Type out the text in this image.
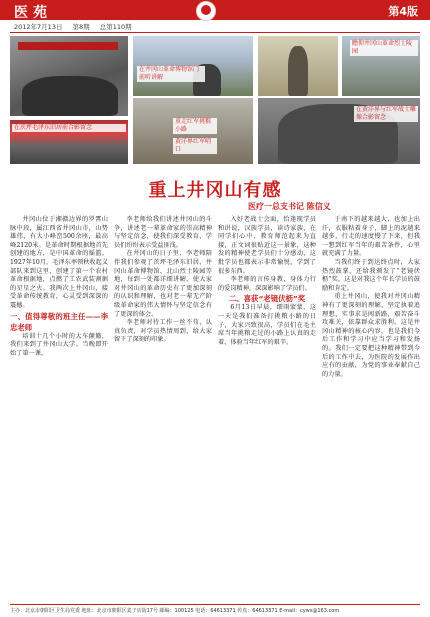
医苑	第4版
2012年7月13日 第8期 总第110期
在井冈山革命博物馆门前听讲解
瞻仰井冈山革命烈士陵园
在茨坪毛泽东旧居前合影留念
重走红军挑粮小路
黄洋界红军哨口
在黄洋界与红军战士雕像合影留念
重上井冈山有感
医疗一总支书记 陈信义

井冈山位于湘赣边界的罗霄山脉中段，属江西省井冈山市，山势雄伟，有大小峰峦500余座，最高峰2120米。是革命时期根据地首先创建的地方，是中国革命的摇篮。1927年10月，毛泽东率领秋收起义部队来到这里，创建了第一个农村革命根据地，点燃了工农武装割据的星星之火。我两次上井冈山，接受革命传统教育，心灵受到深深的震撼。

一、值得尊敬的班主任——李忠老师

培训十几个小时的大车颠簸，我们来到了井冈山大学。当晚即开始了第一课。

李老师给我们讲述井冈山的斗争，讲述老一辈革命家的崇高精神与坚定信念，使我们深受教育，学员们纷纷表示受益匪浅。

在井冈山的日子里，李老师陪伴我们参观了茨坪毛泽东旧居、井冈山革命博物馆、北山烈士陵园等地，每到一处都详细讲解，使大家对井冈山的革命历史有了更加深刻的认识和理解，也对老一辈无产阶级革命家的伟大情怀与坚定信念有了更深的体会。

李老师对待工作一丝不苟，认真负责，对学员热情周到，给大家留下了深刻的印象。

入好老战士会面，恰逢现学员和讲说，汉族学员，读诗家族，在同学们心中，教育师范起来为直接，正文词很贴近这一景象，这种发的精神使老学员们十分感动，这批学员也都表示非常愉悦，学到了很多东西。

李老师的言传身教，身体力行的爱岗精神，深深影响了学员们。

二、喜获“老镜伏枥”奖

6月13日早晨，细雨蒙蒙，这一天是我们准备打挑粮小路的日子，大家兴致很高，学员们在毛主席当年挑粮走过的小路上认真的走着，体验当年红军的艰辛。

于南下的越来越大，也加上出汗，衣服粘着身子，脚上的泥越来越多，行走的速度慢了下来，但我一想到红军当年的艰苦条件，心里就充满了力量。

当我们终于到达终点时，大家热烈鼓掌，还给我颁发了“老镜伏枥”奖，这是对我这个年长学员的鼓励和肯定。

重上井冈山，使我对井冈山精神有了更深刻的理解，坚定执着追理想，实事求是闯新路，艰苦奋斗攻难关，依靠群众求胜利。这是井冈山精神的核心内容，也是我们今后工作和学习中应当学习和发扬的。我们一定要把这种精神带到今后的工作中去，为医院的发展作出应有的贡献，为党的事业奉献自己的力量。

主办：北京市朝阳区卫生局党委 地址：北京市朝阳区麦子店街17号 邮编：100125 电话：64613371 传真：64613371 E-mail：cyws@163.com
